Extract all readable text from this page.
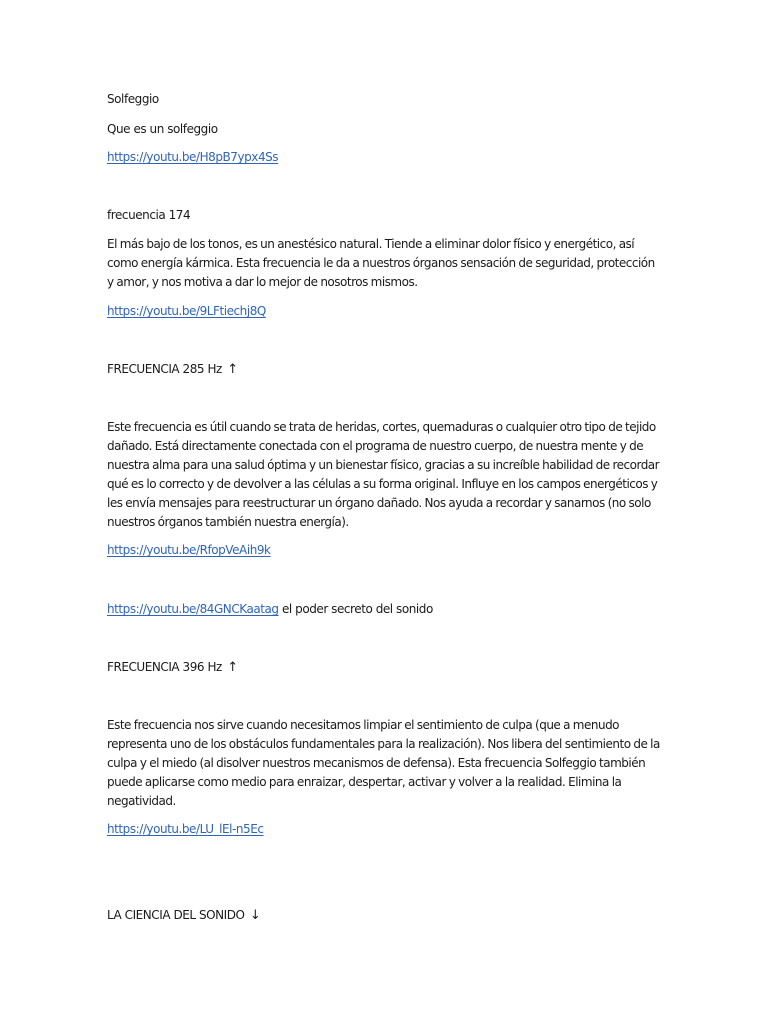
Solfeggio

Que es un solfeggio

https://youtu.be/H8pB7ypx4Ss

frecuencia 174

El más bajo de los tonos, es un anestésico natural. Tiende a eliminar dolor físico y energético, así como energía kármica. Esta frecuencia le da a nuestros órganos sensación de seguridad, protección y amor, y nos motiva a dar lo mejor de nosotros mismos.

https://youtu.be/9LFtiechj8Q

FRECUENCIA 285 Hz ↑

Este frecuencia es útil cuando se trata de heridas, cortes, quemaduras o cualquier otro tipo de tejido dañado. Está directamente conectada con el programa de nuestro cuerpo, de nuestra mente y de nuestra alma para una salud óptima y un bienestar físico, gracias a su increíble habilidad de recordar qué es lo correcto y de devolver a las células a su forma original. Influye en los campos energéticos y les envía mensajes para reestructurar un órgano dañado. Nos ayuda a recordar y sanarnos (no solo nuestros órganos también nuestra energía).

https://youtu.be/RfopVeAih9k

https://youtu.be/84GNCKaatag el poder secreto del sonido

FRECUENCIA 396 Hz ↑

Este frecuencia nos sirve cuando necesitamos limpiar el sentimiento de culpa (que a menudo representa uno de los obstáculos fundamentales para la realización). Nos libera del sentimiento de la culpa y el miedo (al disolver nuestros mecanismos de defensa). Esta frecuencia Solfeggio también puede aplicarse como medio para enraizar, despertar, activar y volver a la realidad. Elimina la negatividad.

https://youtu.be/LU_lEl-n5Ec

LA CIENCIA DEL SONIDO ↓
